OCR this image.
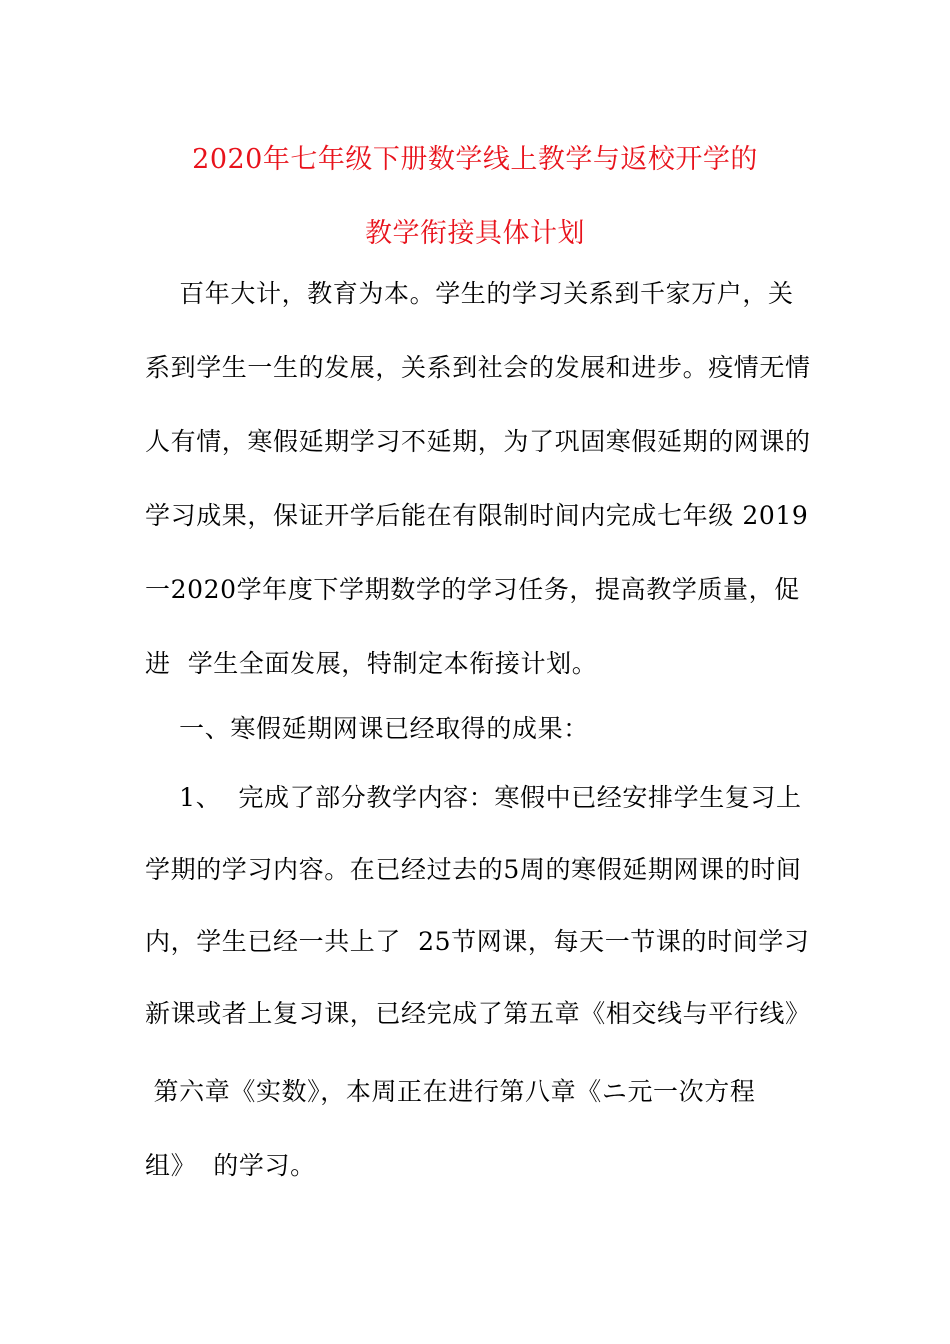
2020年七年级下册数学线上教学与返校开学的
教学衔接具体计划
百年大计，教育为本。学生的学习关系到千家万户，关
系到学生一生的发展，关系到社会的发展和进步。疫情无情
人有情，寒假延期学习不延期，为了巩固寒假延期的网课的
学习成果，保证开学后能在有限制时间内完成七年级 2019
一2020学年度下学期数学的学习任务，提高教学质量，促
进  学生全面发展，特制定本衔接计划。
一、寒假延期网课已经取得的成果：
1、  完成了部分教学内容：寒假中已经安排学生复习上
学期的学习内容。在已经过去的5周的寒假延期网课的时间
内，学生已经一共上了  25节网课，每天一节课的时间学习
新课或者上复习课，已经完成了第五章《相交线与平行线》
第六章《实数》，本周正在进行第八章《ニ元一次方程
组》  的学习。
